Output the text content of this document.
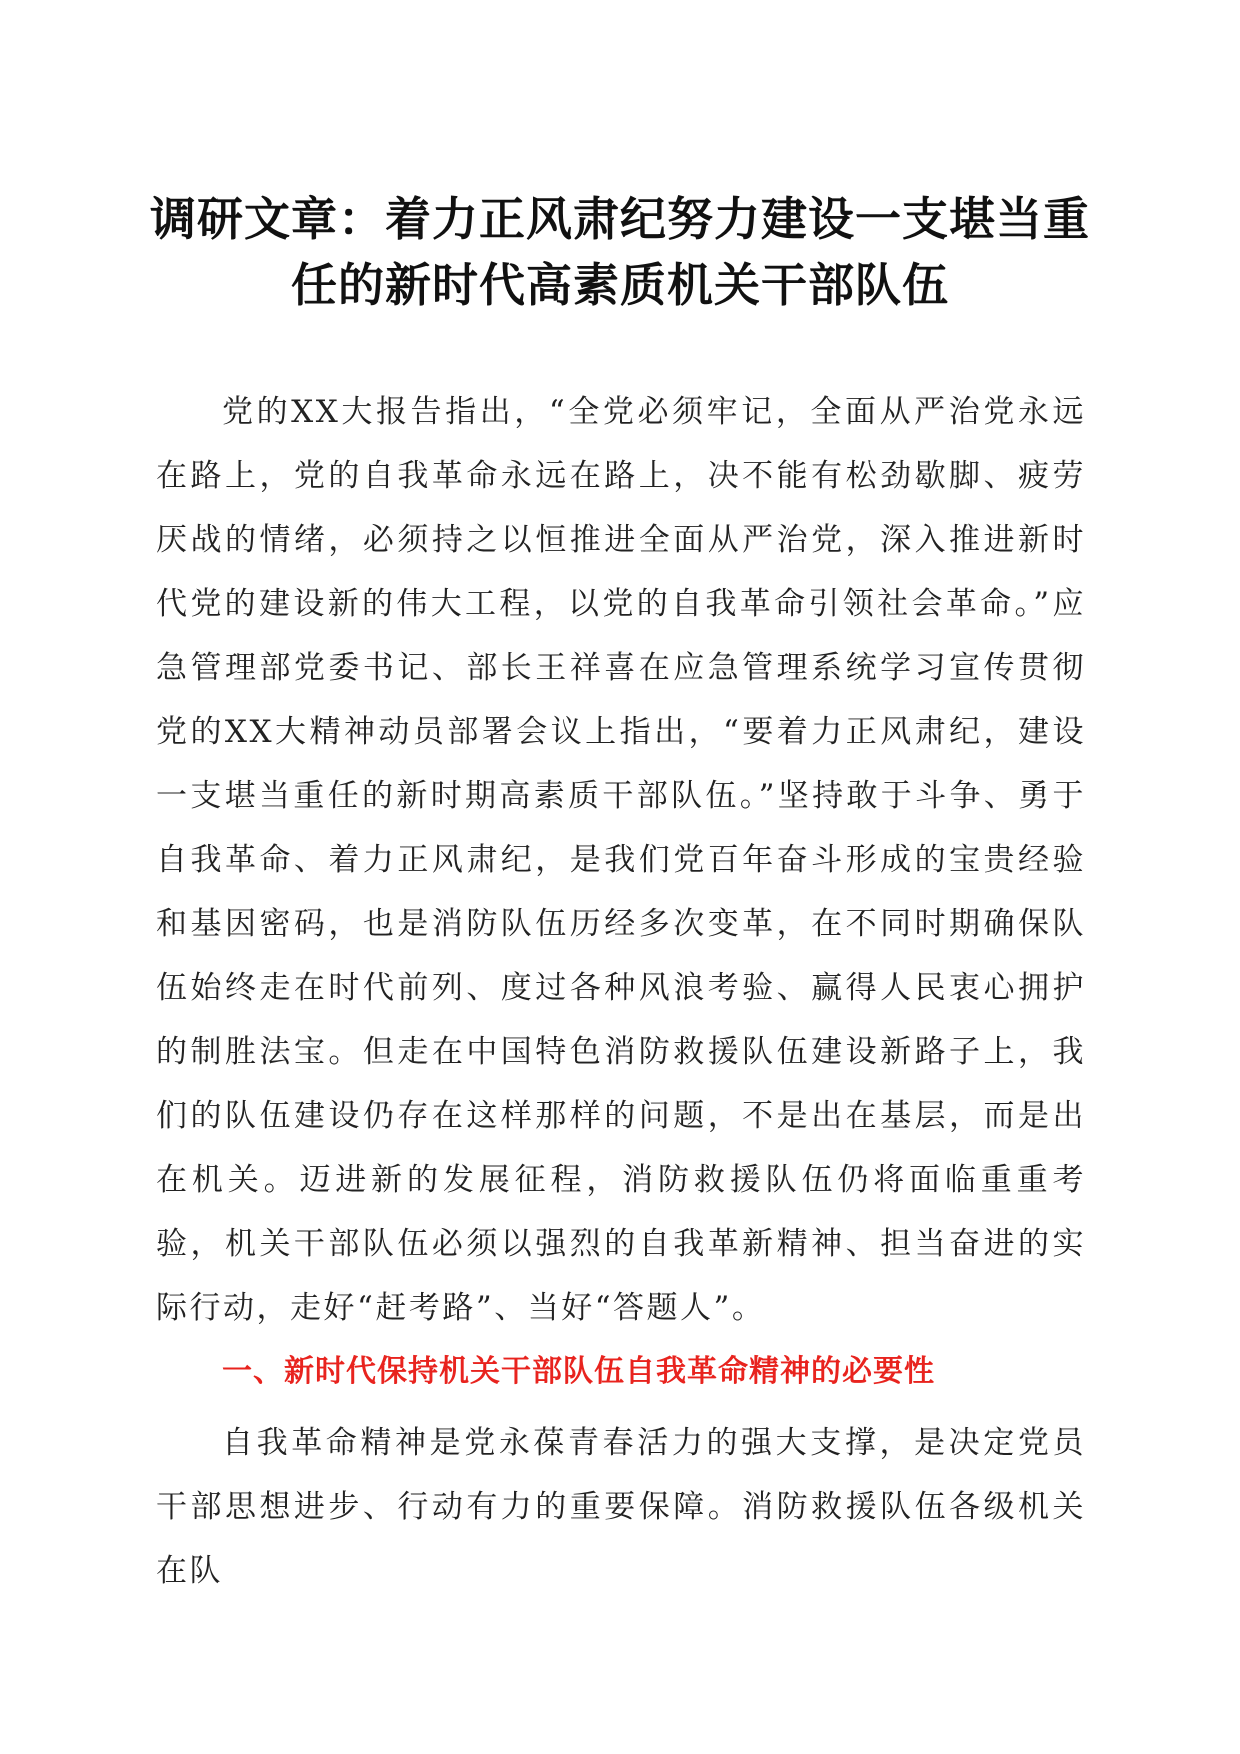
调研文章：着力正风肃纪努力建设一支堪当重任的新时代高素质机关干部队伍

党的XX大报告指出，“全党必须牢记，全面从严治党永远在路上，党的自我革命永远在路上，决不能有松劲歇脚、疲劳厌战的情绪，必须持之以恒推进全面从严治党，深入推进新时代党的建设新的伟大工程，以党的自我革命引领社会革命。”应急管理部党委书记、部长王祥喜在应急管理系统学习宣传贯彻党的XX大精神动员部署会议上指出，“要着力正风肃纪，建设一支堪当重任的新时期高素质干部队伍。”坚持敢于斗争、勇于自我革命、着力正风肃纪，是我们党百年奋斗形成的宝贵经验和基因密码，也是消防队伍历经多次变革，在不同时期确保队伍始终走在时代前列、度过各种风浪考验、赢得人民衷心拥护的制胜法宝。但走在中国特色消防救援队伍建设新路子上，我们的队伍建设仍存在这样那样的问题，不是出在基层，而是出在机关。迈进新的发展征程，消防救援队伍仍将面临重重考验，机关干部队伍必须以强烈的自我革新精神、担当奋进的实际行动，走好“赶考路”、当好“答题人”。

一、新时代保持机关干部队伍自我革命精神的必要性

自我革命精神是党永葆青春活力的强大支撑，是决定党员干部思想进步、行动有力的重要保障。消防救援队伍各级机关在队
